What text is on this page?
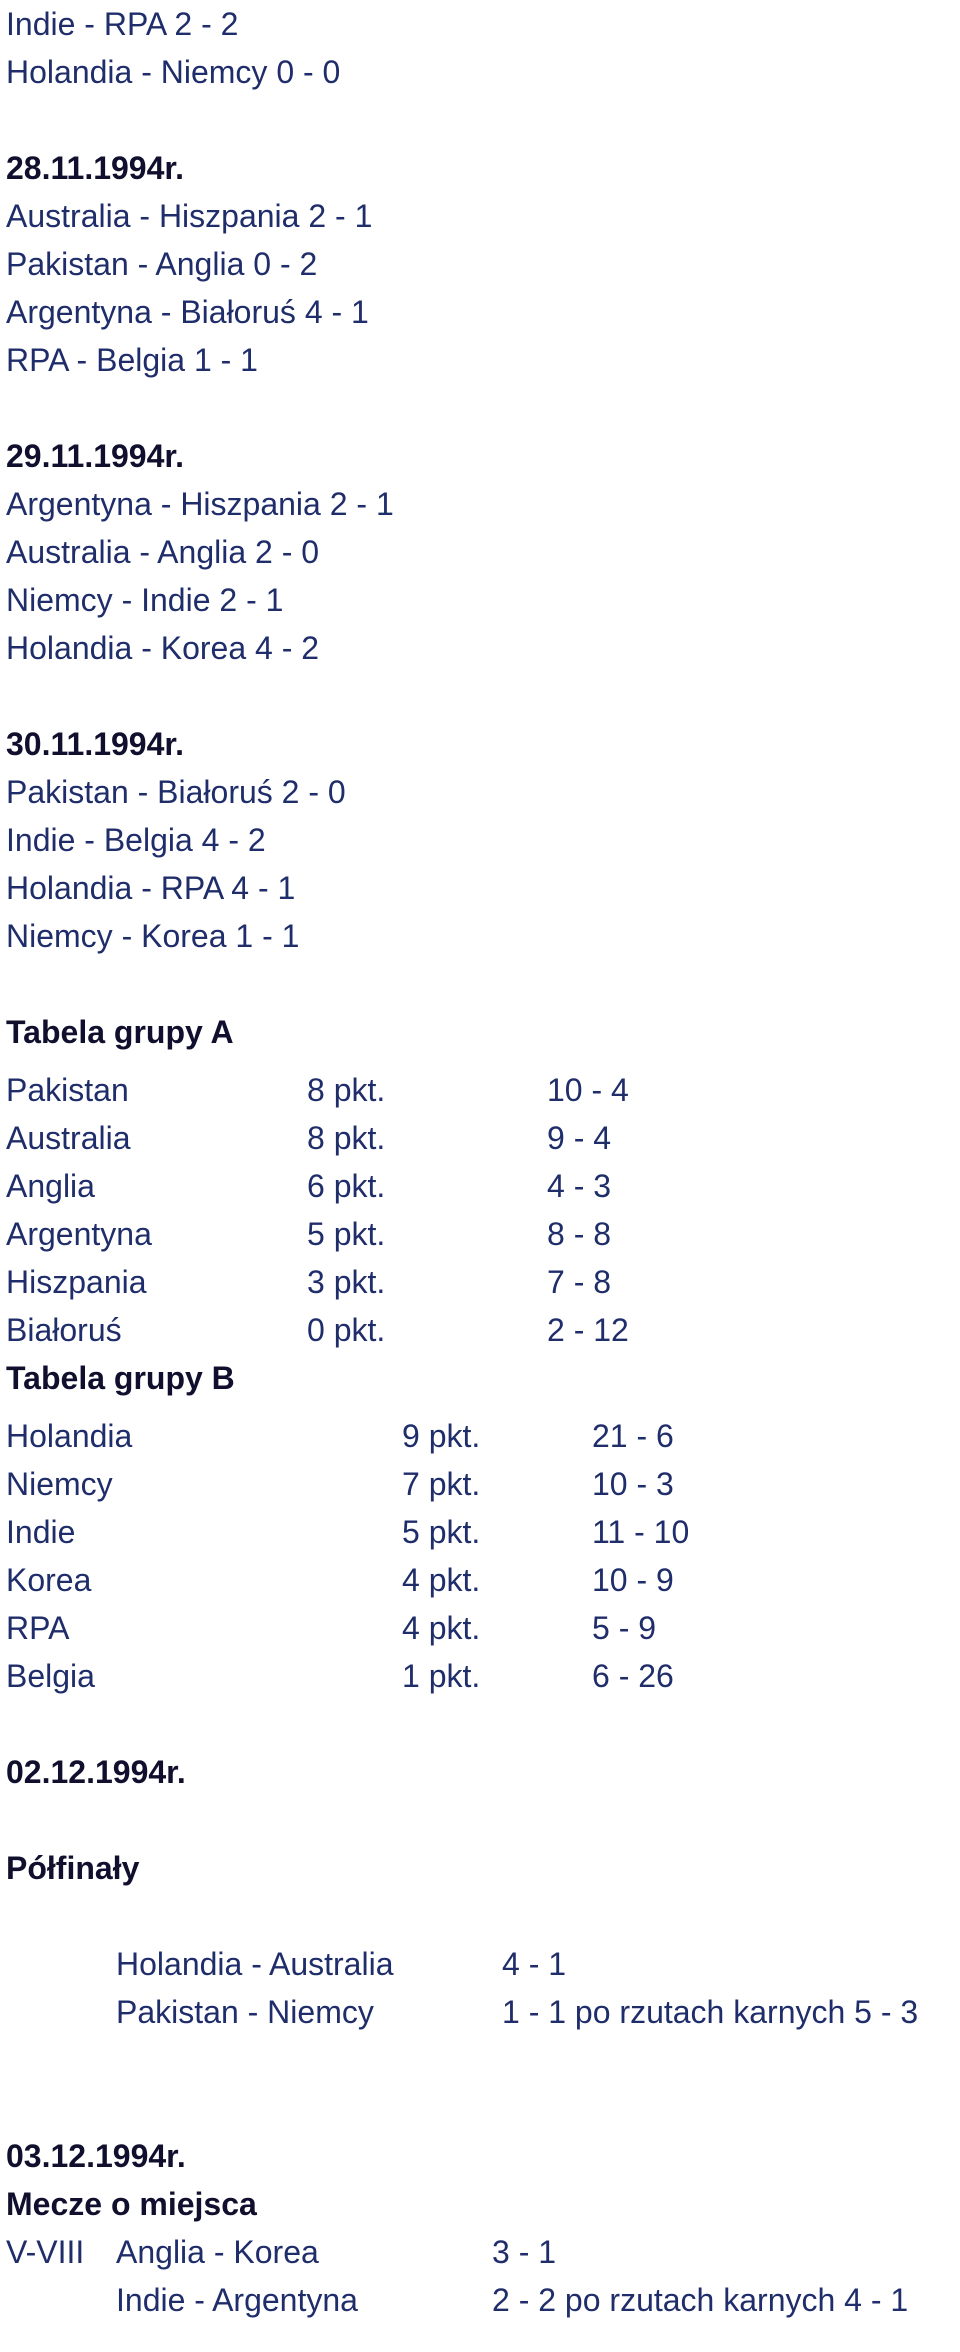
Indie - RPA 2 - 2
Holandia - Niemcy 0 - 0
28.11.1994r.
Australia - Hiszpania 2 - 1
Pakistan - Anglia 0 - 2
Argentyna - Białoruś 4 - 1
RPA - Belgia 1 - 1
29.11.1994r.
Argentyna - Hiszpania 2 - 1
Australia - Anglia 2 - 0
Niemcy - Indie 2 - 1
Holandia - Korea 4 - 2
30.11.1994r.
Pakistan - Białoruś 2 - 0
Indie - Belgia 4 - 2
Holandia - RPA 4 - 1
Niemcy - Korea 1 - 1
Tabela grupy A
Pakistan	8 pkt.	10 - 4
Australia	8 pkt.	9 - 4
Anglia	6 pkt.	4 - 3
Argentyna	5 pkt.	8 - 8
Hiszpania	3 pkt.	7 - 8
Białoruś	0 pkt.	2 - 12
Tabela grupy B
Holandia	9 pkt.	21 - 6
Niemcy	7 pkt.	10 - 3
Indie	5 pkt.	11 - 10
Korea	4 pkt.	10 - 9
RPA	4 pkt.	5 - 9
Belgia	1 pkt.	6 - 26
02.12.1994r.
Półfinały
Holandia - Australia	4 - 1
Pakistan - Niemcy	1 - 1 po rzutach karnych 5 - 3
03.12.1994r.
Mecze o miejsca
V-VIII Anglia - Korea	3 - 1
Indie - Argentyna	2 - 2 po rzutach karnych 4 - 1
